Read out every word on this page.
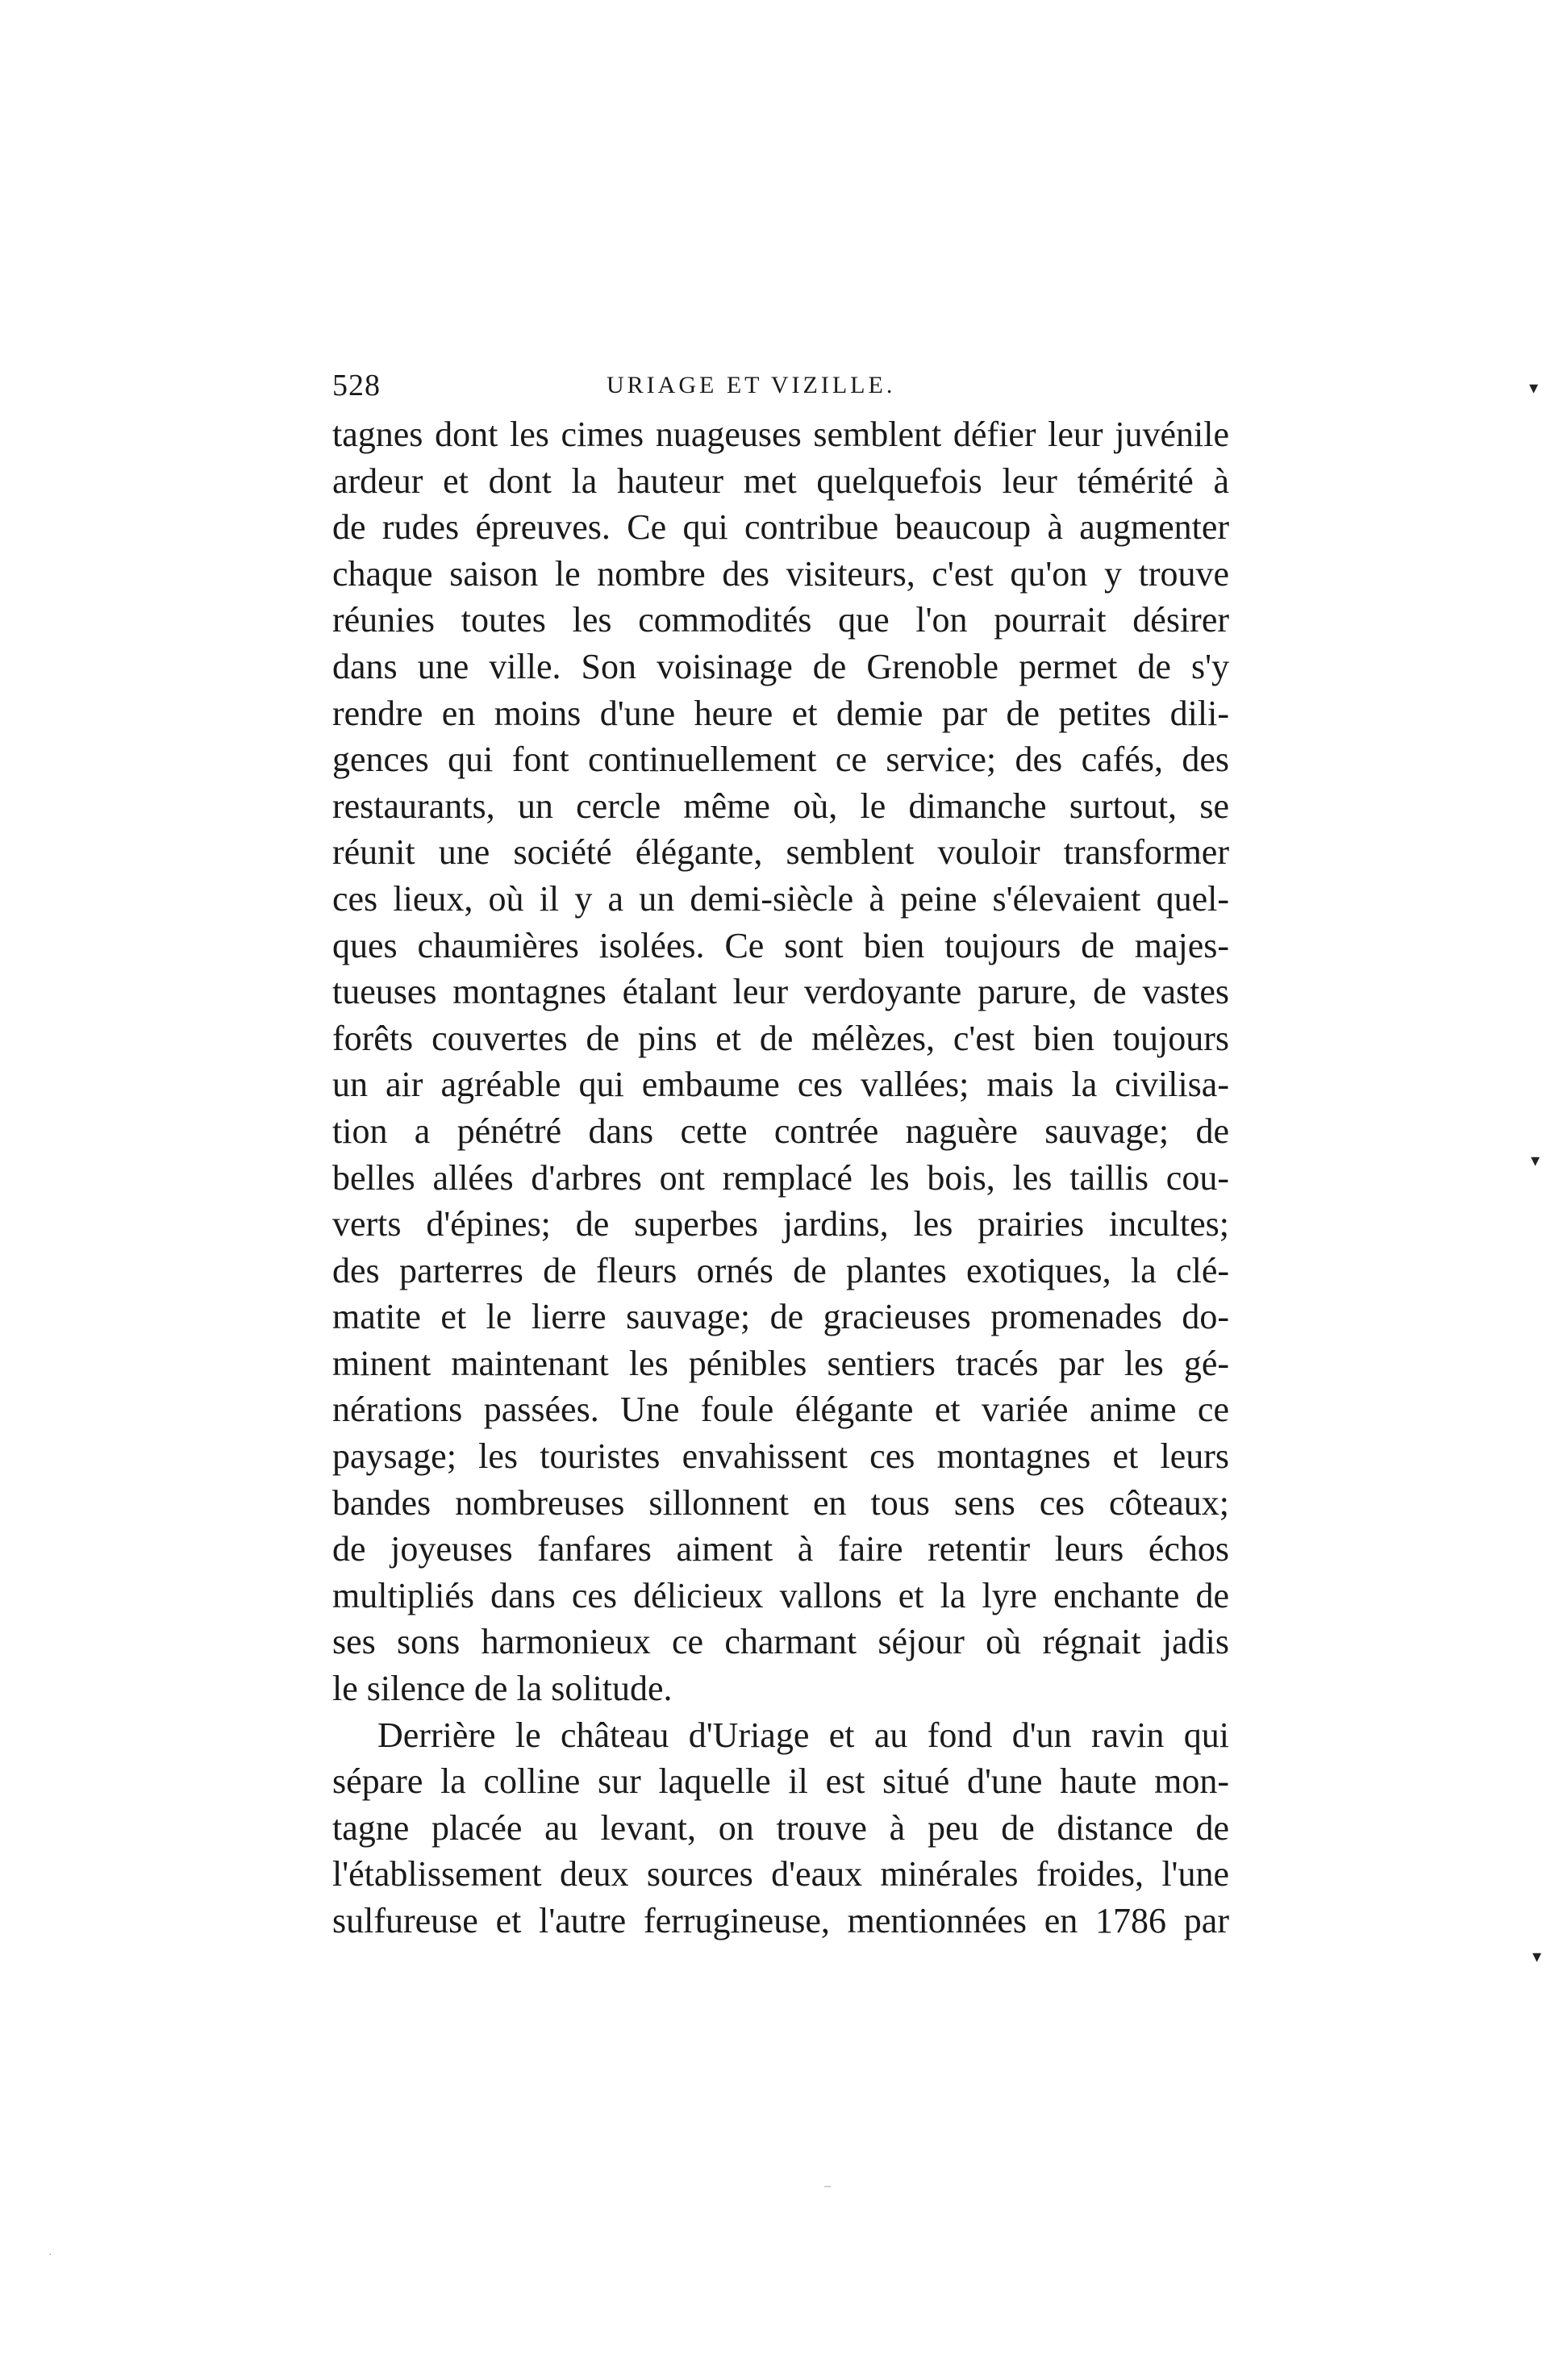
528	URIAGE ET VIZILLE.
tagnes dont les cimes nuageuses semblent défier leur juvénile
ardeur et dont la hauteur met quelquefois leur témérité à
de rudes épreuves. Ce qui contribue beaucoup à augmenter
chaque saison le nombre des visiteurs, c'est qu'on y trouve
réunies toutes les commodités que l'on pourrait désirer
dans une ville. Son voisinage de Grenoble permet de s'y
rendre en moins d'une heure et demie par de petites dili-
gences qui font continuellement ce service; des cafés, des
restaurants, un cercle même où, le dimanche surtout, se
réunit une société élégante, semblent vouloir transformer
ces lieux, où il y a un demi-siècle à peine s'élevaient quel-
ques chaumières isolées. Ce sont bien toujours de majes-
tueuses montagnes étalant leur verdoyante parure, de vastes
forêts couvertes de pins et de mélèzes, c'est bien toujours
un air agréable qui embaume ces vallées; mais la civilisa-
tion a pénétré dans cette contrée naguère sauvage; de
belles allées d'arbres ont remplacé les bois, les taillis cou-
verts d'épines; de superbes jardins, les prairies incultes;
des parterres de fleurs ornés de plantes exotiques, la clé-
matite et le lierre sauvage; de gracieuses promenades do-
minent maintenant les pénibles sentiers tracés par les gé-
nérations passées. Une foule élégante et variée anime ce
paysage; les touristes envahissent ces montagnes et leurs
bandes nombreuses sillonnent en tous sens ces côteaux;
de joyeuses fanfares aiment à faire retentir leurs échos
multipliés dans ces délicieux vallons et la lyre enchante de
ses sons harmonieux ce charmant séjour où régnait jadis
le silence de la solitude.
Derrière le château d'Uriage et au fond d'un ravin qui
sépare la colline sur laquelle il est situé d'une haute mon-
tagne placée au levant, on trouve à peu de distance de
l'établissement deux sources d'eaux minérales froides, l'une
sulfureuse et l'autre ferrugineuse, mentionnées en 1786 par
▾
▾
▾
–
·
